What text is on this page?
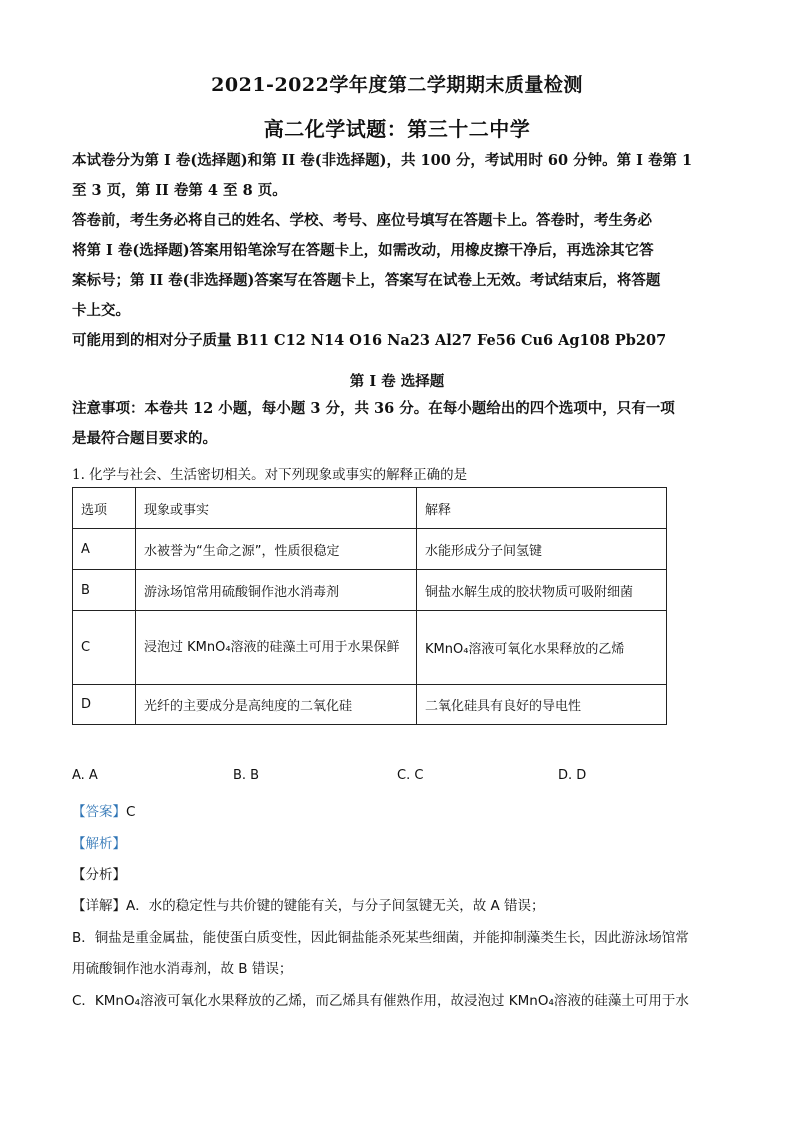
2021-2022学年度第二学期期末质量检测
高二化学试题：第三十二中学
本试卷分为第 I 卷(选择题)和第 II 卷(非选择题)，共 100 分，考试用时 60 分钟。第 I 卷第 1
至 3 页，第 II 卷第 4 至 8 页。
答卷前，考生务必将自己的姓名、学校、考号、座位号填写在答题卡上。答卷时，考生务必
将第 I 卷(选择题)答案用铅笔涂写在答题卡上，如需改动，用橡皮擦干净后，再选涂其它答
案标号；第 II 卷(非选择题)答案写在答题卡上，答案写在试卷上无效。考试结束后，将答题
卡上交。
可能用到的相对分子质量 B11 C12 N14 O16 Na23 Al27 Fe56 Cu6 Ag108 Pb207
第 I 卷 选择题
注意事项：本卷共 12 小题，每小题 3 分，共 36 分。在每小题给出的四个选项中，只有一项
是最符合题目要求的。
1. 化学与社会、生活密切相关。对下列现象或事实的解释正确的是
选项	现象或事实	解释
A	水被誉为“生命之源”，性质很稳定	水能形成分子间氢键
B	游泳场馆常用硫酸铜作池水消毒剂	铜盐水解生成的胶状物质可吸附细菌
C	浸泡过 KMnO₄溶液的硅藻土可用于水果保鲜	KMnO₄溶液可氧化水果释放的乙烯
D	光纤的主要成分是高纯度的二氧化硅	二氧化硅具有良好的导电性
A. A	B. B	C. C	D. D
【答案】C
【解析】
【分析】
【详解】A．水的稳定性与共价键的键能有关，与分子间氢键无关，故 A 错误；
B．铜盐是重金属盐，能使蛋白质变性，因此铜盐能杀死某些细菌，并能抑制藻类生长，因此游泳场馆常
用硫酸铜作池水消毒剂，故 B 错误；
C．KMnO₄溶液可氧化水果释放的乙烯，而乙烯具有催熟作用，故浸泡过 KMnO₄溶液的硅藻土可用于水
